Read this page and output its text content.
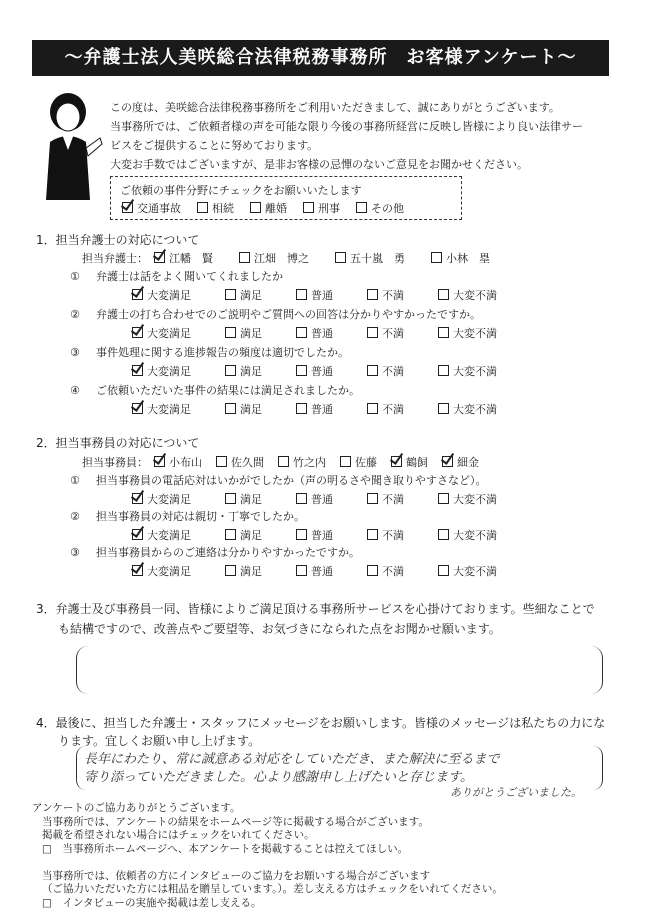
～弁護士法人美咲総合法律税務事務所　お客様アンケート～
この度は、美咲総合法律税務事務所をご利用いただきまして、誠にありがとうございます。
当事務所では、ご依頼者様の声を可能な限り今後の事務所経営に反映し皆様により良い法律サー
ビスをご提供することに努めております。
大変お手数ではございますが、是非お客様の忌憚のないご意見をお聞かせください。
ご依頼の事件分野にチェックをお願いいたします
交通事故	相続	離婚	刑事	その他
1．担当弁護士の対応について
担当弁護士： 江幡　賢	江畑　博之	五十嵐　勇	小林　塁
① 弁護士は話をよく聞いてくれましたか
大変満足	満足	普通	不満	大変不満
② 弁護士の打ち合わせでのご説明やご質問への回答は分かりやすかったですか。
大変満足	満足	普通	不満	大変不満
③ 事件処理に関する進捗報告の頻度は適切でしたか。
大変満足	満足	普通	不満	大変不満
④ ご依頼いただいた事件の結果には満足されましたか。
大変満足	満足	普通	不満	大変不満
2．担当事務員の対応について
担当事務員： 小布山	佐久間	竹之内	佐藤	鶴飼	細金
① 担当事務員の電話応対はいかがでしたか（声の明るさや聞き取りやすさなど）。
大変満足	満足	普通	不満	大変不満
② 担当事務員の対応は親切・丁寧でしたか。
大変満足	満足	普通	不満	大変不満
③ 担当事務員からのご連絡は分かりやすかったですか。
大変満足	満足	普通	不満	大変不満
3．弁護士及び事務員一同、皆様によりご満足頂ける事務所サービスを心掛けております。些細なことで
も結構ですので、改善点やご要望等、お気づきになられた点をお聞かせ願います。
4．最後に、担当した弁護士・スタッフにメッセージをお願いします。皆様のメッセージは私たちの力にな
ります。宜しくお願い申し上げます。
長年にわたり、常に誠意ある対応をしていただき、また解決に至るまで
寄り添っていただきました。心より感謝申し上げたいと存じます。
ありがとうございました。
アンケートのご協力ありがとうございます。
当事務所では、アンケートの結果をホームページ等に掲載する場合がございます。
掲載を希望されない場合にはチェックをいれてください。
□　当事務所ホームページへ、本アンケートを掲載することは控えてほしい。

当事務所では、依頼者の方にインタビューのご協力をお願いする場合がございます
（ご協力いただいた方には粗品を贈呈しています。）。差し支える方はチェックをいれてください。
□　インタビューの実施や掲載は差し支える。
